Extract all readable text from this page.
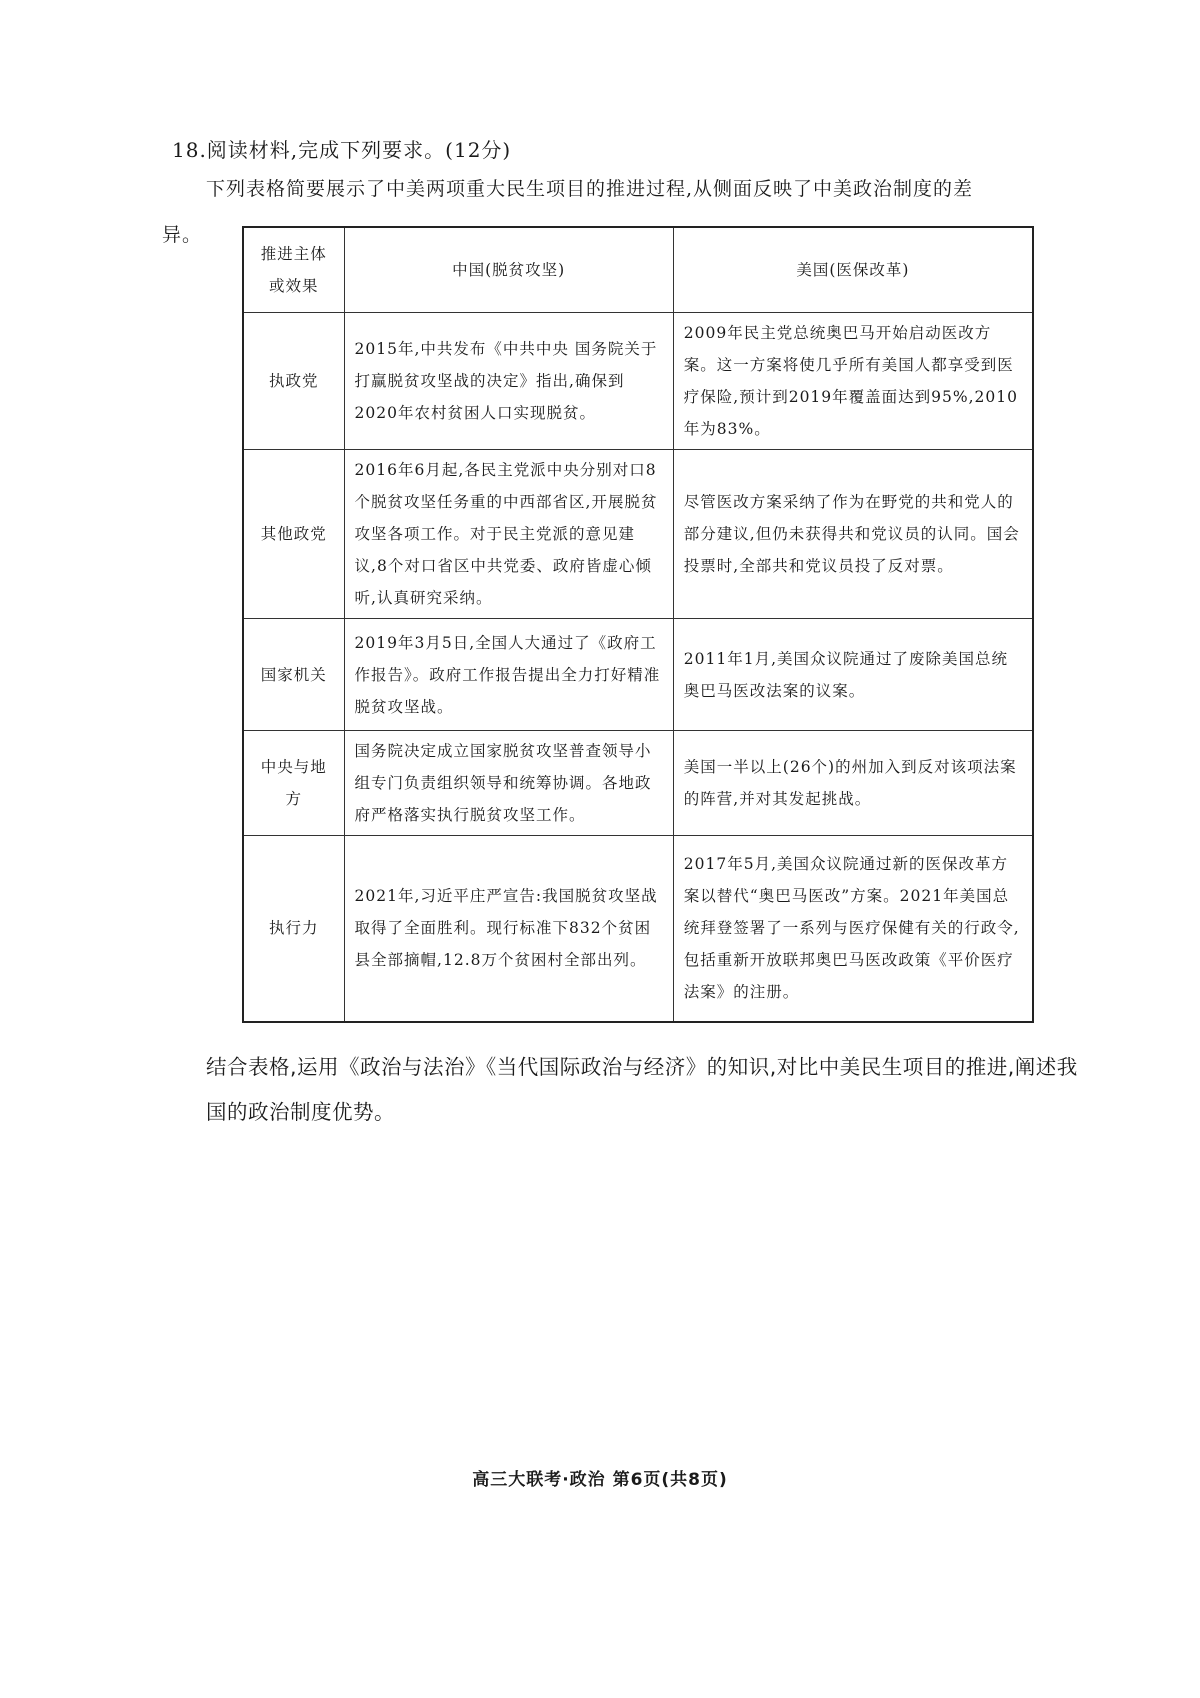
18.阅读材料,完成下列要求。(12分)
下列表格简要展示了中美两项重大民生项目的推进过程,从侧面反映了中美政治制度的差异。
推进主体或效果	中国(脱贫攻坚)	美国(医保改革)
执政党	2015年,中共发布《中共中央 国务院关于打赢脱贫攻坚战的决定》指出,确保到2020年农村贫困人口实现脱贫。	2009年民主党总统奥巴马开始启动医改方案。这一方案将使几乎所有美国人都享受到医疗保险,预计到2019年覆盖面达到95%,2010年为83%。
其他政党	2016年6月起,各民主党派中央分别对口8个脱贫攻坚任务重的中西部省区,开展脱贫攻坚各项工作。对于民主党派的意见建议,8个对口省区中共党委、政府皆虚心倾听,认真研究采纳。	尽管医改方案采纳了作为在野党的共和党人的部分建议,但仍未获得共和党议员的认同。国会投票时,全部共和党议员投了反对票。
国家机关	2019年3月5日,全国人大通过了《政府工作报告》。政府工作报告提出全力打好精准脱贫攻坚战。	2011年1月,美国众议院通过了废除美国总统奥巴马医改法案的议案。
中央与地方	国务院决定成立国家脱贫攻坚普查领导小组专门负责组织领导和统筹协调。各地政府严格落实执行脱贫攻坚工作。	美国一半以上(26个)的州加入到反对该项法案的阵营,并对其发起挑战。
执行力	2021年,习近平庄严宣告:我国脱贫攻坚战取得了全面胜利。现行标准下832个贫困县全部摘帽,12.8万个贫困村全部出列。	2017年5月,美国众议院通过新的医保改革方案以替代“奥巴马医改”方案。2021年美国总统拜登签署了一系列与医疗保健有关的行政令,包括重新开放联邦奥巴马医改政策《平价医疗法案》的注册。
结合表格,运用《政治与法治》《当代国际政治与经济》的知识,对比中美民生项目的推进,阐述我国的政治制度优势。
高三大联考·政治 第6页(共8页)
